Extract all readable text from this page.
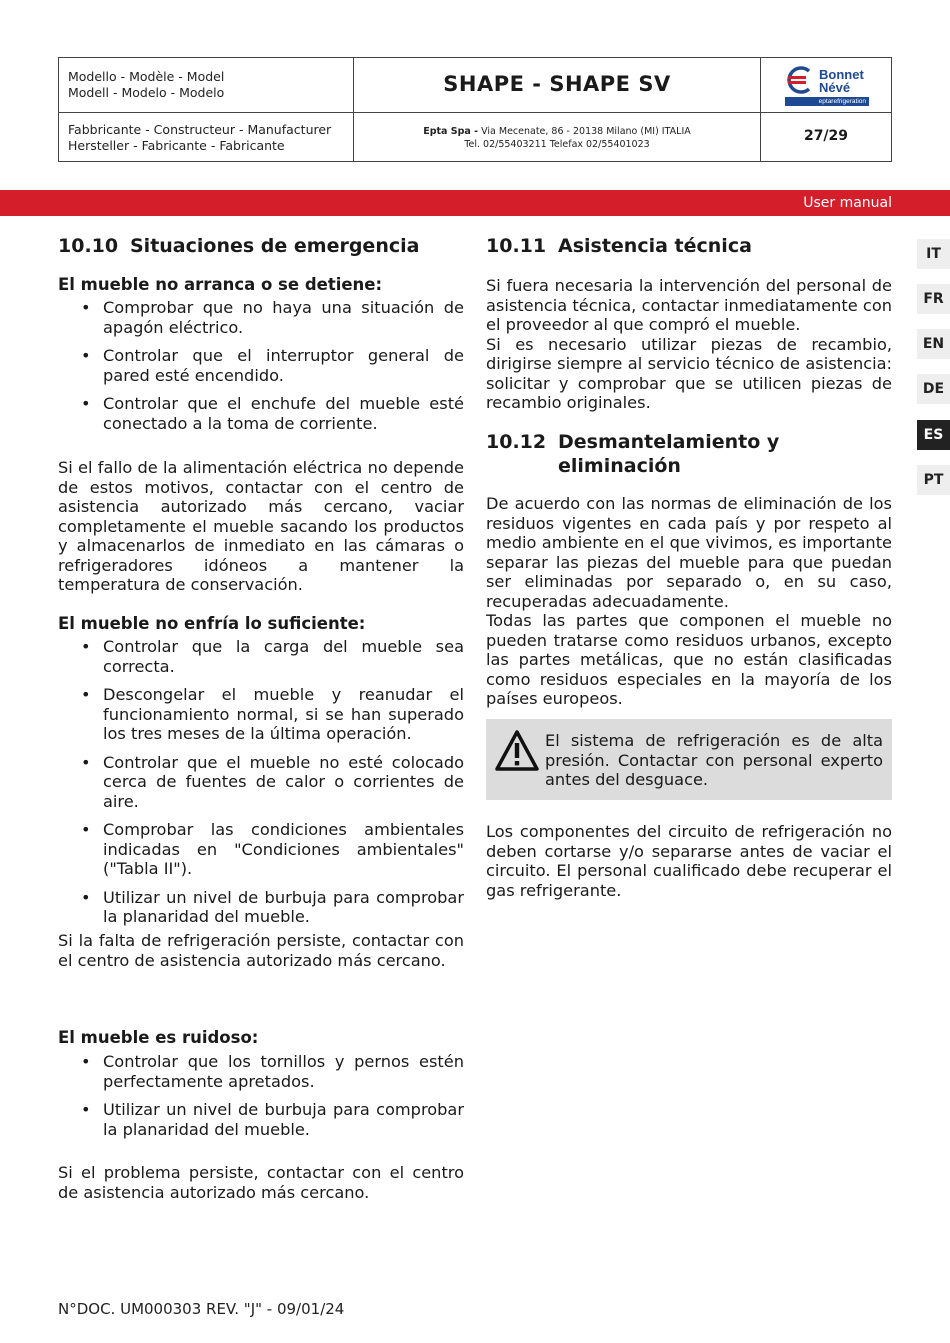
Modello - Modèle - Model
Modell - Modelo - Modelo	SHAPE - SHAPE SV	Bonnet
Névé
eptarefrigeration
Fabbricante - Constructeur - Manufacturer
Hersteller - Fabricante - Fabricante
Epta Spa - Via Mecenate, 86 - 20138 Milano (MI) ITALIA
Tel. 02/55403211 Telefax 02/55401023
27/29
User manual
IT
FR
EN
DE
ES
PT
10.10 Situaciones de emergencia
El mueble no arranca o se detiene:
• Comprobar que no haya una situación de apagón eléctrico.
• Controlar que el interruptor general de pared esté encendido.
• Controlar que el enchufe del mueble esté conectado a la toma de corriente.

Si el fallo de la alimentación eléctrica no depende de estos motivos, contactar con el centro de asistencia autorizado más cercano, vaciar completamente el mueble sacando los productos y almacenarlos de inmediato en las cámaras o refrigeradores idóneos a mantener la temperatura de conservación.

El mueble no enfría lo suficiente:
• Controlar que la carga del mueble sea correcta.
• Descongelar el mueble y reanudar el funcionamiento normal, si se han superado los tres meses de la última operación.
• Controlar que el mueble no esté colocado cerca de fuentes de calor o corrientes de aire.
• Comprobar las condiciones ambientales indicadas en "Condiciones ambientales" ("Tabla II").
• Utilizar un nivel de burbuja para comprobar la planaridad del mueble.

Si la falta de refrigeración persiste, contactar con el centro de asistencia autorizado más cercano.

El mueble es ruidoso:
• Controlar que los tornillos y pernos estén perfectamente apretados.
• Utilizar un nivel de burbuja para comprobar la planaridad del mueble.

Si el problema persiste, contactar con el centro de asistencia autorizado más cercano.

10.11 Asistencia técnica

Si fuera necesaria la intervención del personal de asistencia técnica, contactar inmediatamente con el proveedor al que compró el mueble.
Si es necesario utilizar piezas de recambio, dirigirse siempre al servicio técnico de asistencia: solicitar y comprobar que se utilicen piezas de recambio originales.

10.12 Desmantelamiento y eliminación

De acuerdo con las normas de eliminación de los residuos vigentes en cada país y por respeto al medio ambiente en el que vivimos, es importante separar las piezas del mueble para que puedan ser eliminadas por separado o, en su caso, recuperadas adecuadamente.

Todas las partes que componen el mueble no pueden tratarse como residuos urbanos, excepto las partes metálicas, que no están clasificadas como residuos especiales en la mayoría de los países europeos.

Los componentes del circuito de refrigeración no deben cortarse y/o separarse antes de vaciar el circuito. El personal cualificado debe recuperar el gas refrigerante.

El sistema de refrigeración es de alta presión. Contactar con personal experto antes del desguace.

N°DOC. UM000303 REV. "J" - 09/01/24
